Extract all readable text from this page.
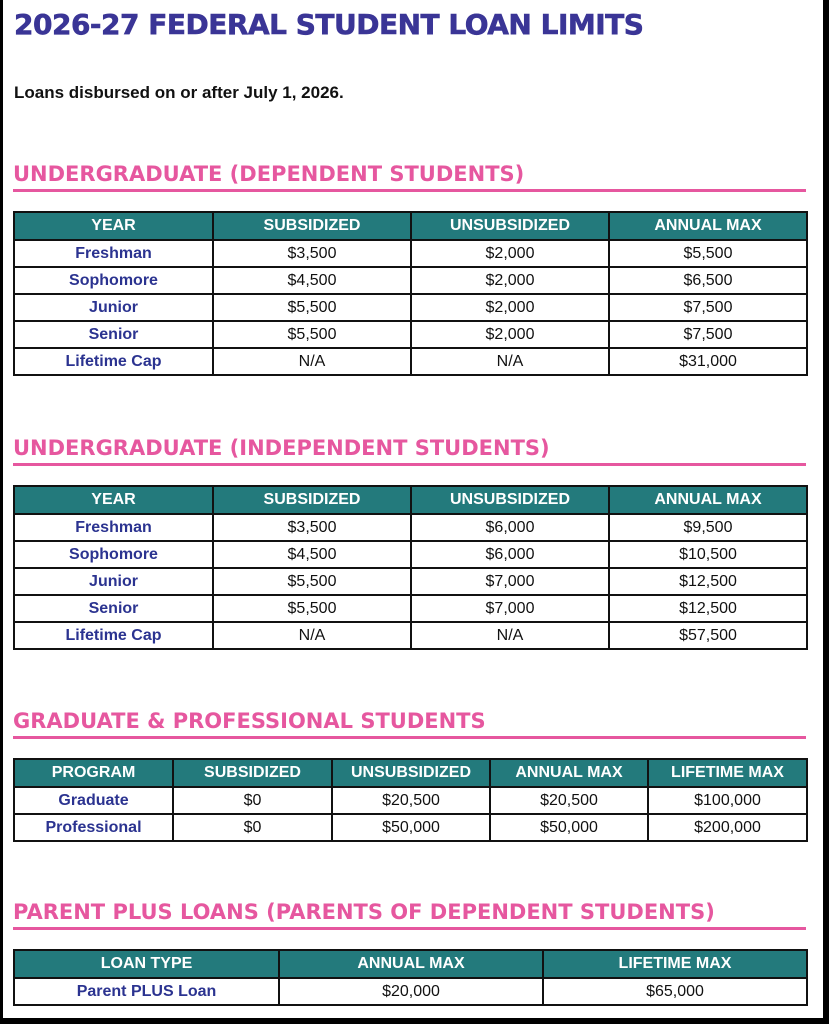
2026-27 FEDERAL STUDENT LOAN LIMITS
Loans disbursed on or after July 1, 2026.
UNDERGRADUATE (DEPENDENT STUDENTS)
YEAR	SUBSIDIZED	UNSUBSIDIZED	ANNUAL MAX
Freshman	$3,500	$2,000	$5,500
Sophomore	$4,500	$2,000	$6,500
Junior	$5,500	$2,000	$7,500
Senior	$5,500	$2,000	$7,500
Lifetime Cap	N/A	N/A	$31,000
UNDERGRADUATE (INDEPENDENT STUDENTS)
YEAR	SUBSIDIZED	UNSUBSIDIZED	ANNUAL MAX
Freshman	$3,500	$6,000	$9,500
Sophomore	$4,500	$6,000	$10,500
Junior	$5,500	$7,000	$12,500
Senior	$5,500	$7,000	$12,500
Lifetime Cap	N/A	N/A	$57,500
GRADUATE & PROFESSIONAL STUDENTS
PROGRAM	SUBSIDIZED	UNSUBSIDIZED	ANNUAL MAX	LIFETIME MAX
Graduate	$0	$20,500	$20,500	$100,000
Professional	$0	$50,000	$50,000	$200,000
PARENT PLUS LOANS (PARENTS OF DEPENDENT STUDENTS)
LOAN TYPE	ANNUAL MAX	LIFETIME MAX
Parent PLUS Loan	$20,000	$65,000
